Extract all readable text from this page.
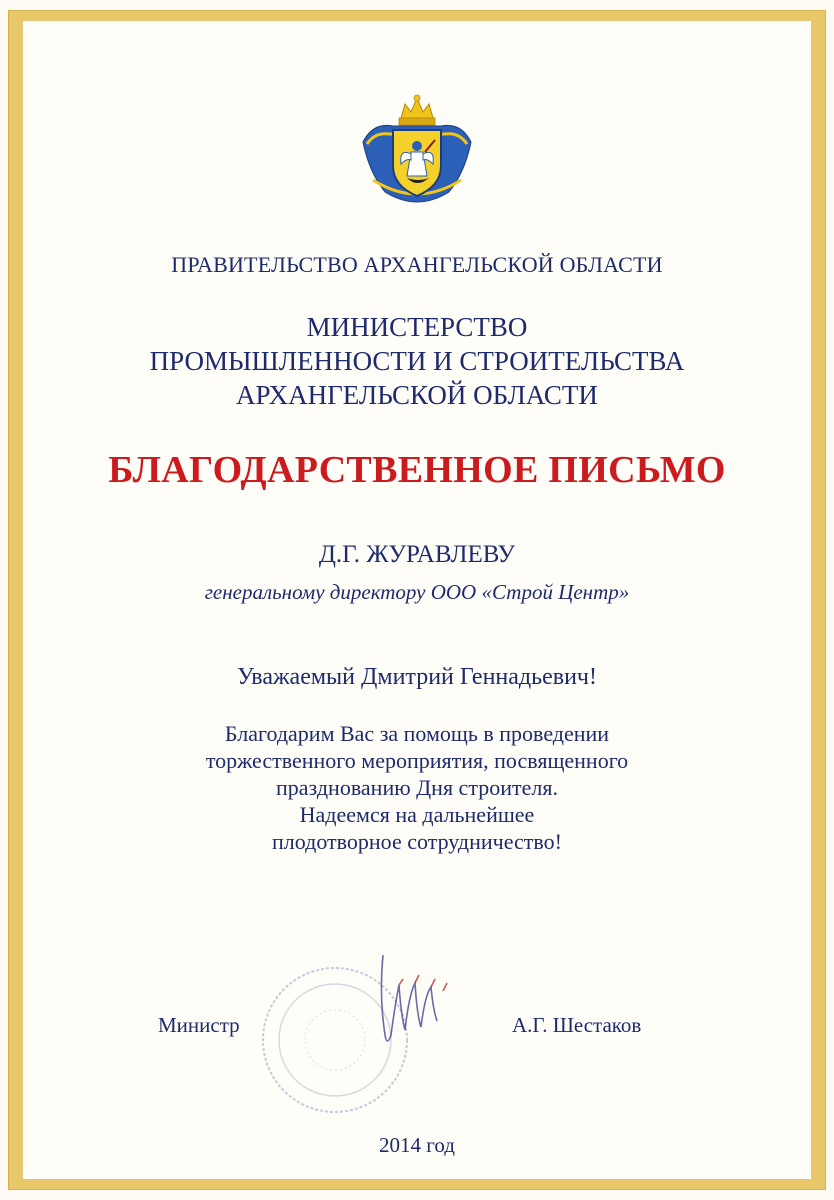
ПРАВИТЕЛЬСТВО АРХАНГЕЛЬСКОЙ ОБЛАСТИ
МИНИСТЕРСТВО
ПРОМЫШЛЕННОСТИ И СТРОИТЕЛЬСТВА
АРХАНГЕЛЬСКОЙ ОБЛАСТИ
БЛАГОДАРСТВЕННОЕ ПИСЬМО
Д.Г. ЖУРАВЛЕВУ
генеральному директору ООО «Строй Центр»
Уважаемый Дмитрий Геннадьевич!
Благодарим Вас за помощь в проведении
торжественного мероприятия, посвященного
празднованию Дня строителя.
Надеемся на дальнейшее
плодотворное сотрудничество!
Министр	А.Г. Шестаков
2014 год
